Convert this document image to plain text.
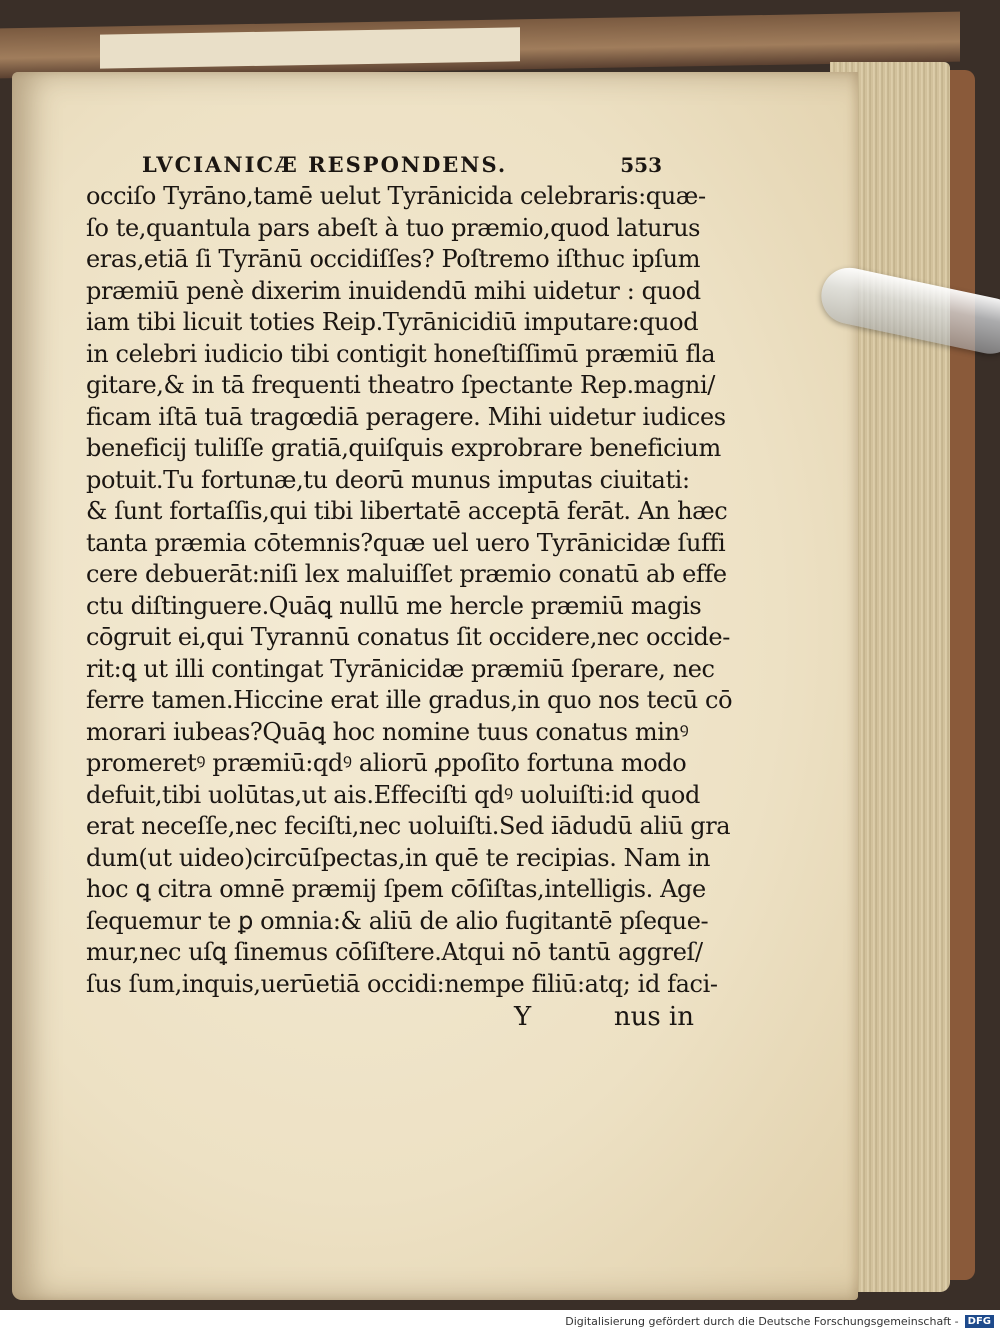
LVCIANICÆ RESPONDENS.	553
occiſo Tyrāno,tamē uelut Tyrānicida celebraris:quæ-
ſo te,quantula pars abeſt à tuo præmio,quod laturus
eras,etiā ſi Tyrānū occidiſſes? Poſtremo iſthuc ipſum
præmiū penè dixerim inuidendū mihi uidetur : quod
iam tibi licuit toties Reip.Tyrānicidiū imputare:quod
in celebri iudicio tibi contigit honeſtiſſimū præmiū fla
gitare,& in tā frequenti theatro ſpectante Rep.magni/
ficam iſtā tuā tragœdiā peragere. Mihi uidetur iudices
beneficij tuliſſe gratiā,quiſquis exprobrare beneficium
potuit.Tu fortunæ,tu deorū munus imputas ciuitati:
& ſunt fortaſſis,qui tibi libertatē acceptā ferāt. An hæc
tanta præmia cōtemnis?quæ uel uero Tyrānicidæ ſuffi
cere debuerāt:niſi lex maluiſſet præmio conatū ab effe
ctu diſtinguere.Quāꝗ nullū me hercle præmiū magis
cōgruit ei,qui Tyrannū conatus ſit occidere,nec occide-
rit:ꝗ ut illi contingat Tyrānicidæ præmiū ſperare, nec
ferre tamen.Hiccine erat ille gradus,in quo nos tecū cō
morari iubeas?Quāꝗ hoc nomine tuus conatus minꝰ
promeretꝰ præmiū:qdꝰ aliorū ꝓpoſito fortuna modo
defuit,tibi uolūtas,ut ais.Effeciſti qdꝰ uoluiſti:id quod
erat neceſſe,nec feciſti,nec uoluiſti.Sed iādudū aliū gra
dum(ut uideo)circūſpectas,in quē te recipias. Nam in
hoc ꝗ citra omnē præmij ſpem cōſiſtas,intelligis. Age
ſequemur te ꝑ omnia:& aliū de alio fugitantē pſeque-
mur,nec uſꝗ ſinemus cōſiſtere.Atqui nō tantū aggreſ/
ſus ſum,inquis,uerūetiā occidi:nempe filiū:atq; id faci-
Y	nus in
Digitalisierung gefördert durch die Deutsche Forschungsgemeinschaft - DFG
